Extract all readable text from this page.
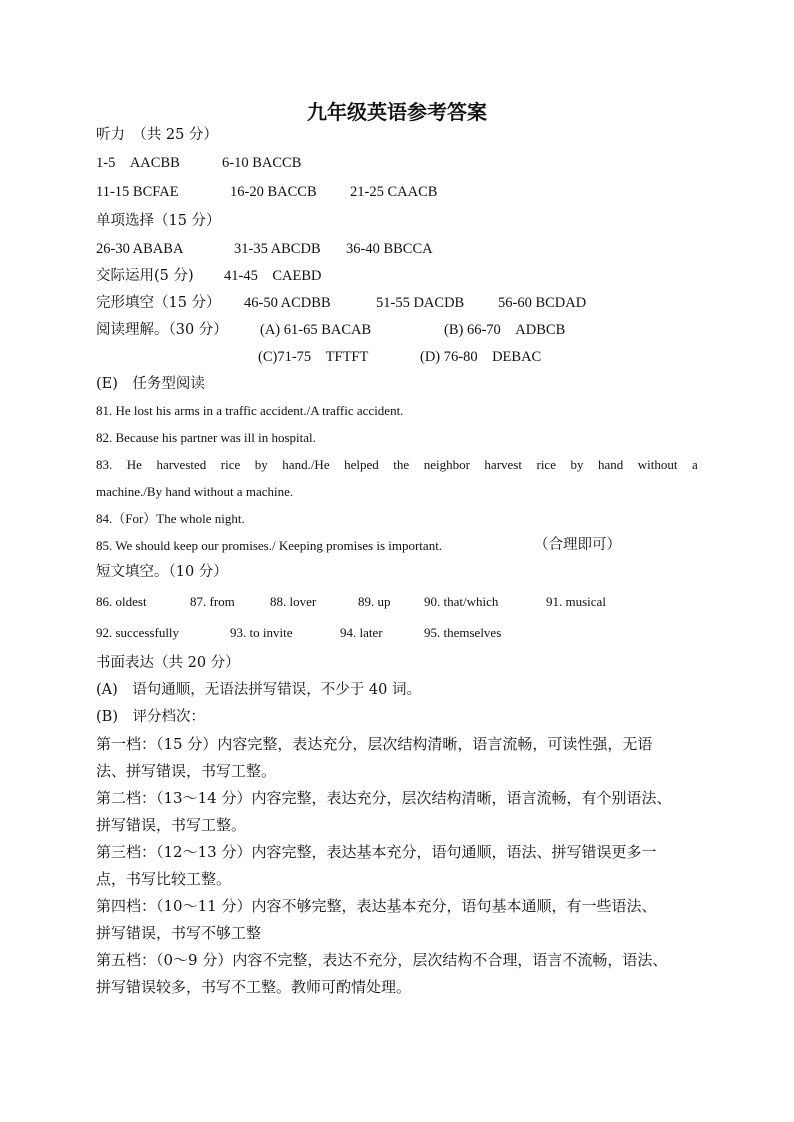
九年级英语参考答案
听力　（共 25 分）
1-5　AACBB	6-10 BACCB
11-15 BCFAE	16-20 BACCB 21-25 CAACB
单项选择（15 分）
26-30 ABABA	31-35 ABCDB 36-40 BBCCA
交际运用(5 分) 41-45　CAEBD
完形填空（15 分） 46-50 ACDBB	51-55 DACDB 56-60 BCDAD
阅读理解。（30 分） (A) 61-65 BACAB	(B) 66-70　ADBCB
(C)71-75　TFTFT	(D) 76-80　DEBAC
(E)　任务型阅读
81. He lost his arms in a traffic accident./A traffic accident.
82. Because his partner was ill in hospital.
83. He harvested rice by hand./He helped the neighbor harvest rice by hand without a
machine./By hand without a machine.
84.（For）The whole night.
85. We should keep our promises./ Keeping promises is important.	（合理即可）
短文填空。（10 分）
86. oldest	87. from	88. lover	89. up	90. that/which	91. musical
92. successfully	93. to invite	94. later	95. themselves
书面表达（共 20 分）
(A)　语句通顺，无语法拼写错误，不少于 40 词。
(B)　评分档次：
第一档：（15 分）内容完整，表达充分，层次结构清晰，语言流畅，可读性强，无语
法、拼写错误，书写工整。
第二档：（13～14 分）内容完整，表达充分，层次结构清晰，语言流畅，有个别语法、
拼写错误，书写工整。
第三档：（12～13 分）内容完整，表达基本充分，语句通顺，语法、拼写错误更多一
点，书写比较工整。
第四档：（10～11 分）内容不够完整，表达基本充分，语句基本通顺，有一些语法、
拼写错误，书写不够工整
第五档：（0～9 分）内容不完整，表达不充分，层次结构不合理，语言不流畅，语法、
拼写错误较多，书写不工整。教师可酌情处理。
